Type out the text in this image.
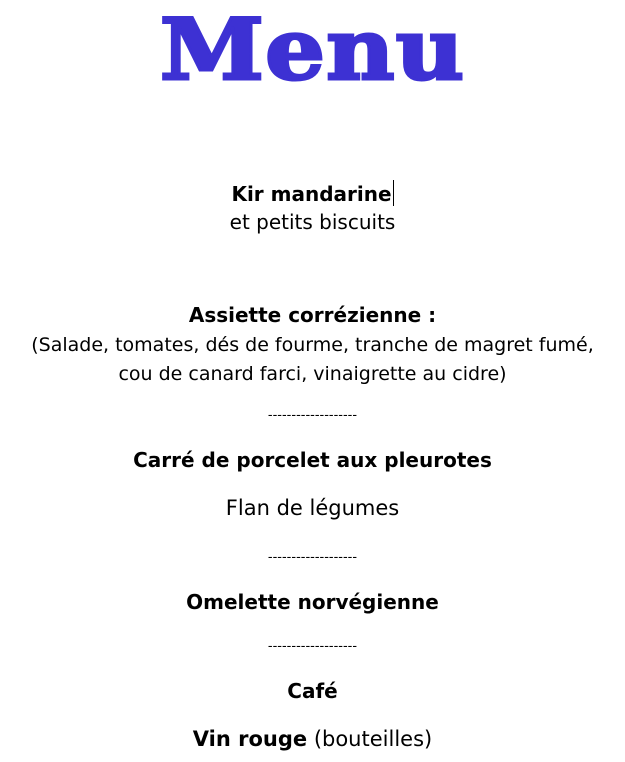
Menu
Kir mandarine
et petits biscuits
Assiette corrézienne :
(Salade, tomates, dés de fourme, tranche de magret fumé,
cou de canard farci, vinaigrette au cidre)
-------------------
Carré de porcelet aux pleurotes
Flan de légumes
-------------------
Omelette norvégienne
-------------------
Café
Vin rouge (bouteilles)
